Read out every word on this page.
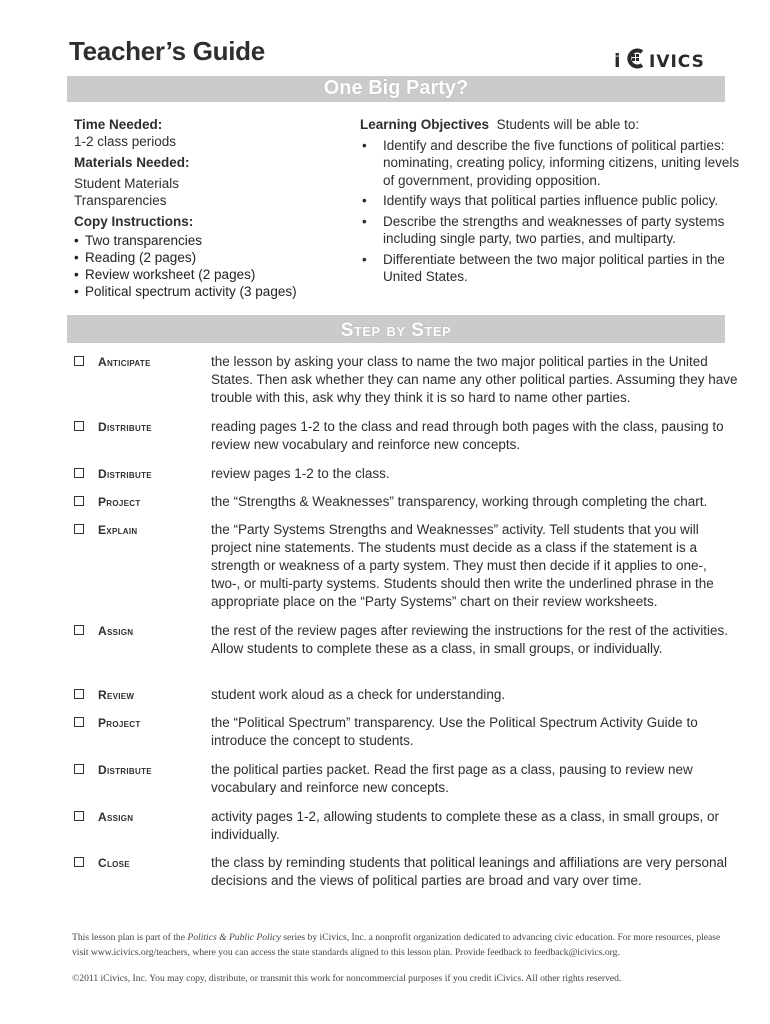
Teacher’s Guide	i IVICS
One Big Party?
Time Needed:
1-2 class periods
Materials Needed:
Student Materials
Transparencies
Copy Instructions:
• Two transparencies
• Reading (2 pages)
• Review worksheet (2 pages)
• Political spectrum activity (3 pages)
Learning Objectives Students will be able to:
• Identify and describe the five functions of political parties: nominating, creating policy, informing citizens, uniting levels of government, providing opposition.
• Identify ways that political parties influence public policy.
• Describe the strengths and weaknesses of party systems including single party, two parties, and multiparty.
• Differentiate between the two major political parties in the United States.
Step by Step
Anticipate	the lesson by asking your class to name the two major political parties in the United States. Then ask whether they can name any other political parties. Assuming they have trouble with this, ask why they think it is so hard to name other parties.
Distribute	reading pages 1-2 to the class and read through both pages with the class, pausing to review new vocabulary and reinforce new concepts.
Distribute	review pages 1-2 to the class.
Project	the “Strengths & Weaknesses” transparency, working through completing the chart.
Explain	the “Party Systems Strengths and Weaknesses” activity. Tell students that you will project nine statements. The students must decide as a class if the statement is a strength or weakness of a party system. They must then decide if it applies to one-, two-, or multi-party systems. Students should then write the underlined phrase in the appropriate place on the “Party Systems” chart on their review worksheets.
Assign	the rest of the review pages after reviewing the instructions for the rest of the activities. Allow students to complete these as a class, in small groups, or individually.
Review	student work aloud as a check for understanding.
Project	the “Political Spectrum” transparency. Use the Political Spectrum Activity Guide to introduce the concept to students.
Distribute	the political parties packet. Read the first page as a class, pausing to review new vocabulary and reinforce new concepts.
Assign	activity pages 1-2, allowing students to complete these as a class, in small groups, or individually.
Close	the class by reminding students that political leanings and affiliations are very personal decisions and the views of political parties are broad and vary over time.
This lesson plan is part of the Politics & Public Policy series by iCivics, Inc. a nonprofit organization dedicated to advancing civic education. For more resources, please visit www.icivics.org/teachers, where you can access the state standards aligned to this lesson plan. Provide feedback to feedback@icivics.org.
©2011 iCivics, Inc. You may copy, distribute, or transmit this work for noncommercial purposes if you credit iCivics. All other rights reserved.
